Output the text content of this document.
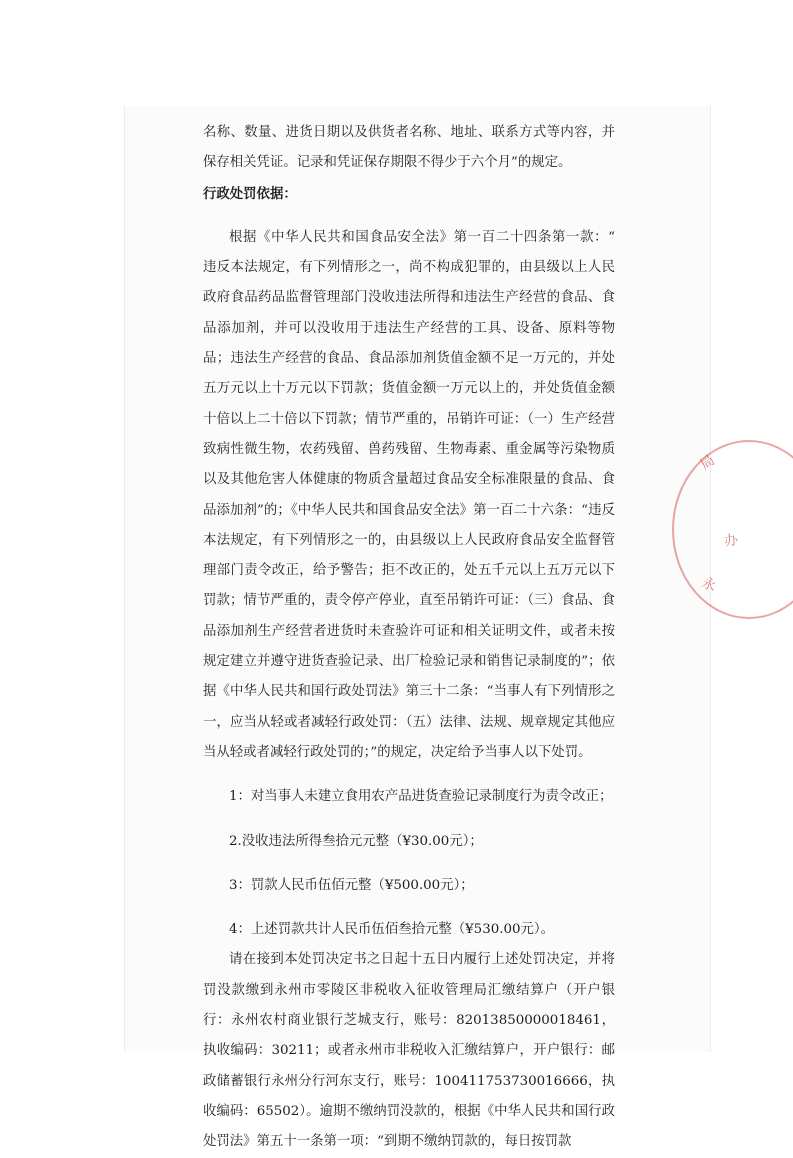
局
办
永

名称、数量、进货日期以及供货者名称、地址、联系方式等内容，并保存相关凭证。记录和凭证保存期限不得少于六个月”的规定。

行政处罚依据：

根据《中华人民共和国食品安全法》第一百二十四条第一款：“ 违反本法规定，有下列情形之一，尚不构成犯罪的，由县级以上人民政府食品药品监督管理部门没收违法所得和违法生产经营的食品、食品添加剂，并可以没收用于违法生产经营的工具、设备、原料等物品；违法生产经营的食品、食品添加剂货值金额不足一万元的，并处五万元以上十万元以下罚款；货值金额一万元以上的，并处货值金额十倍以上二十倍以下罚款；情节严重的，吊销许可证：（一）生产经营致病性微生物，农药残留、兽药残留、生物毒素、重金属等污染物质以及其他危害人体健康的物质含量超过食品安全标准限量的食品、食品添加剂”的；《中华人民共和国食品安全法》第一百二十六条：“违反本法规定，有下列情形之一的，由县级以上人民政府食品安全监督管理部门责令改正，给予警告；拒不改正的，处五千元以上五万元以下罚款；情节严重的，责令停产停业，直至吊销许可证：（三）食品、食品添加剂生产经营者进货时未查验许可证和相关证明文件，或者未按规定建立并遵守进货查验记录、出厂检验记录和销售记录制度的”；依据《中华人民共和国行政处罚法》第三十二条：“当事人有下列情形之一，应当从轻或者减轻行政处罚：（五）法律、法规、规章规定其他应当从轻或者减轻行政处罚的；”的规定，决定给予当事人以下处罚。

1：对当事人未建立食用农产品进货查验记录制度行为责令改正；

2.没收违法所得叁拾元元整（¥30.00元）；

3：罚款人民币伍佰元整（¥500.00元）；

4：上述罚款共计人民币伍佰叁拾元整（¥530.00元）。

请在接到本处罚决定书之日起十五日内履行上述处罚决定，并将罚没款缴到永州市零陵区非税收入征收管理局汇缴结算户（开户银行：永州农村商业银行芝城支行，账号：82013850000018461，执收编码：30211；或者永州市非税收入汇缴结算户，开户银行：邮政储蓄银行永州分行河东支行，账号：100411753730016666，执收编码：65502）。逾期不缴纳罚没款的，根据《中华人民共和国行政处罚法》第五十一条第一项：“到期不缴纳罚款的，每日按罚款
